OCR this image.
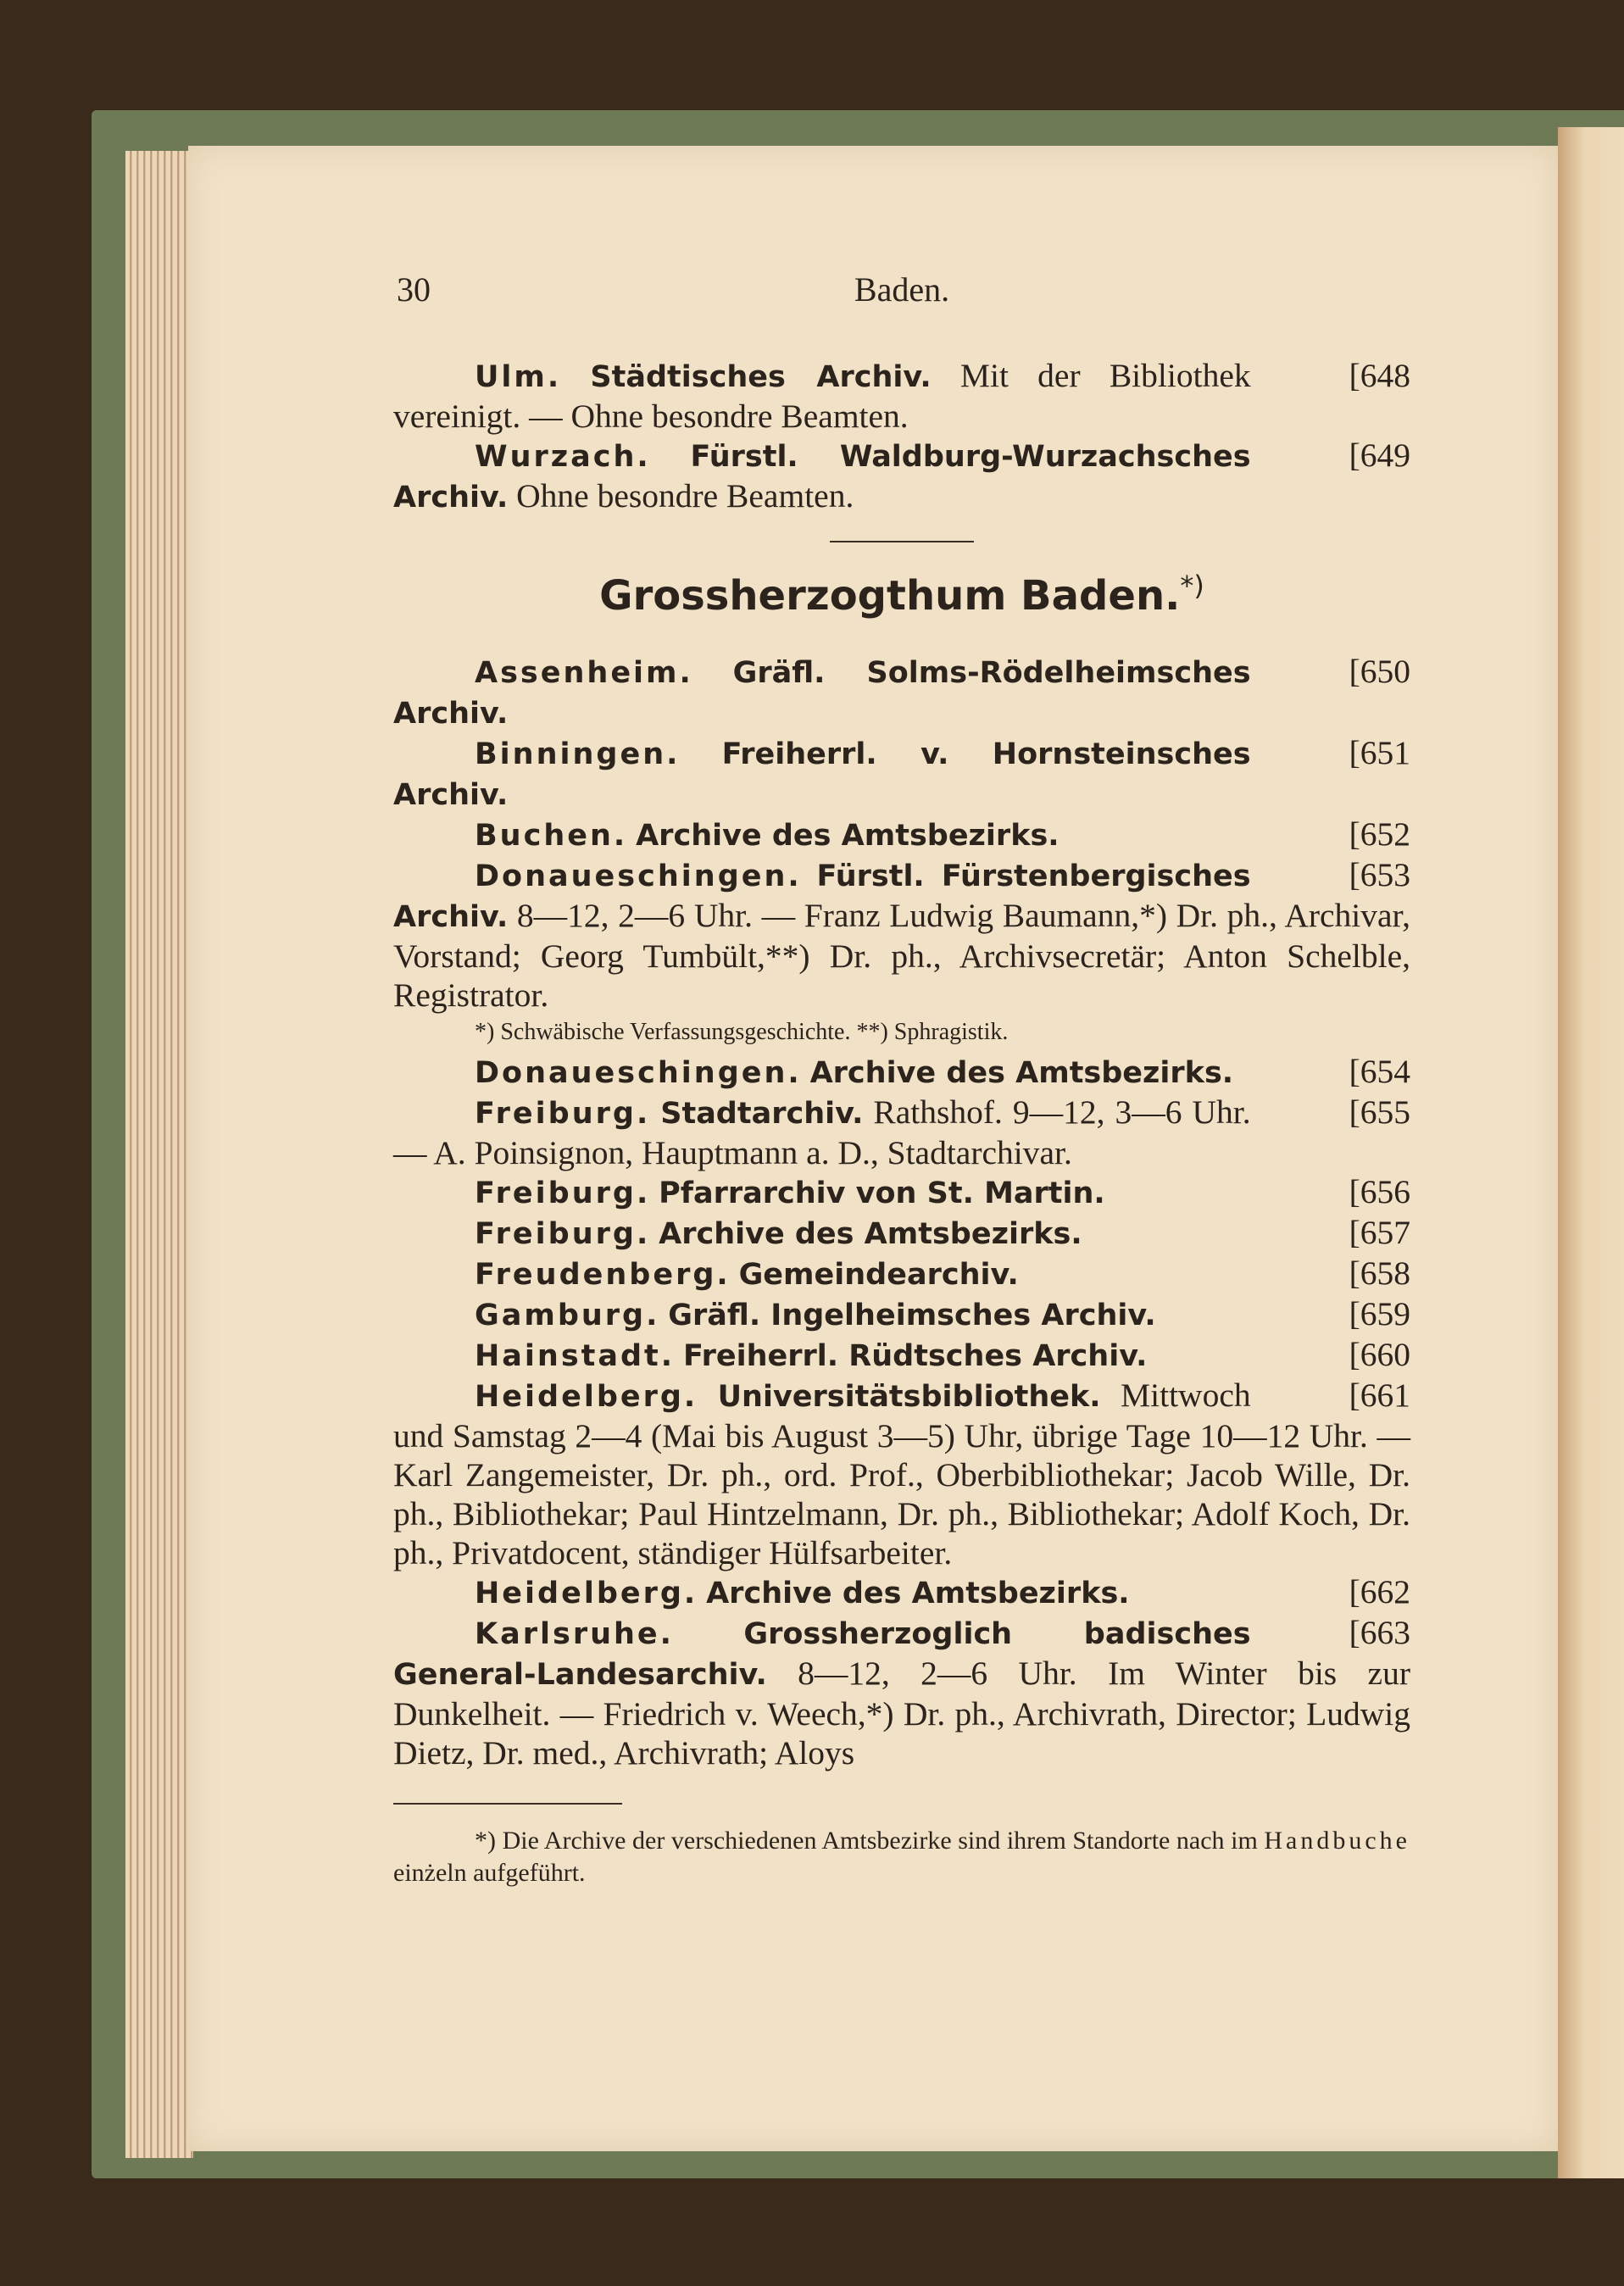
30	Baden.

[648
Ulm. Städtisches Archiv. Mit der Bibliothek vereinigt. — Ohne besondre Beamten.

[649
Wurzach. Fürstl. Waldburg-Wurzachsches Archiv. Ohne besondre Beamten.

Grossherzogthum Baden.*)

[650
Assenheim. Gräfl. Solms-Rödelheimsches Archiv.

[651
Binningen. Freiherrl. v. Hornsteinsches Archiv.

[652
Buchen. Archive des Amtsbezirks.

[653
Donaueschingen. Fürstl. Fürstenbergisches Archiv. 8—12, 2—6 Uhr. — Franz Ludwig Baumann,*) Dr. ph., Archivar, Vorstand; Georg Tumbült,**) Dr. ph., Archivsecretär; Anton Schelble, Registrator.

*) Schwäbische Verfassungsgeschichte. **) Sphragistik.

[654
Donaueschingen. Archive des Amtsbezirks.

[655
Freiburg. Stadtarchiv. Rathshof. 9—12, 3—6 Uhr. — A. Poinsignon, Hauptmann a. D., Stadtarchivar.

[656
Freiburg. Pfarrarchiv von St. Martin.

[657
Freiburg. Archive des Amtsbezirks.

[658
Freudenberg. Gemeindearchiv.

[659
Gamburg. Gräfl. Ingelheimsches Archiv.

[660
Hainstadt. Freiherrl. Rüdtsches Archiv.

[661
Heidelberg. Universitätsbibliothek. Mittwoch und Samstag 2—4 (Mai bis August 3—5) Uhr, übrige Tage 10—12 Uhr. — Karl Zangemeister, Dr. ph., ord. Prof., Oberbibliothekar; Jacob Wille, Dr. ph., Bibliothekar; Paul Hintzelmann, Dr. ph., Bibliothekar; Adolf Koch, Dr. ph., Privatdocent, ständiger Hülfsarbeiter.

[662
Heidelberg. Archive des Amtsbezirks.

[663
Karlsruhe. Grossherzoglich badisches General-Landesarchiv. 8—12, 2—6 Uhr. Im Winter bis zur Dunkelheit. — Friedrich v. Weech,*) Dr. ph., Archivrath, Director; Ludwig Dietz, Dr. med., Archivrath; Aloys

*) Die Archive der verschiedenen Amtsbezirke sind ihrem Standorte nach im Handbuche einżeln aufgeführt.
